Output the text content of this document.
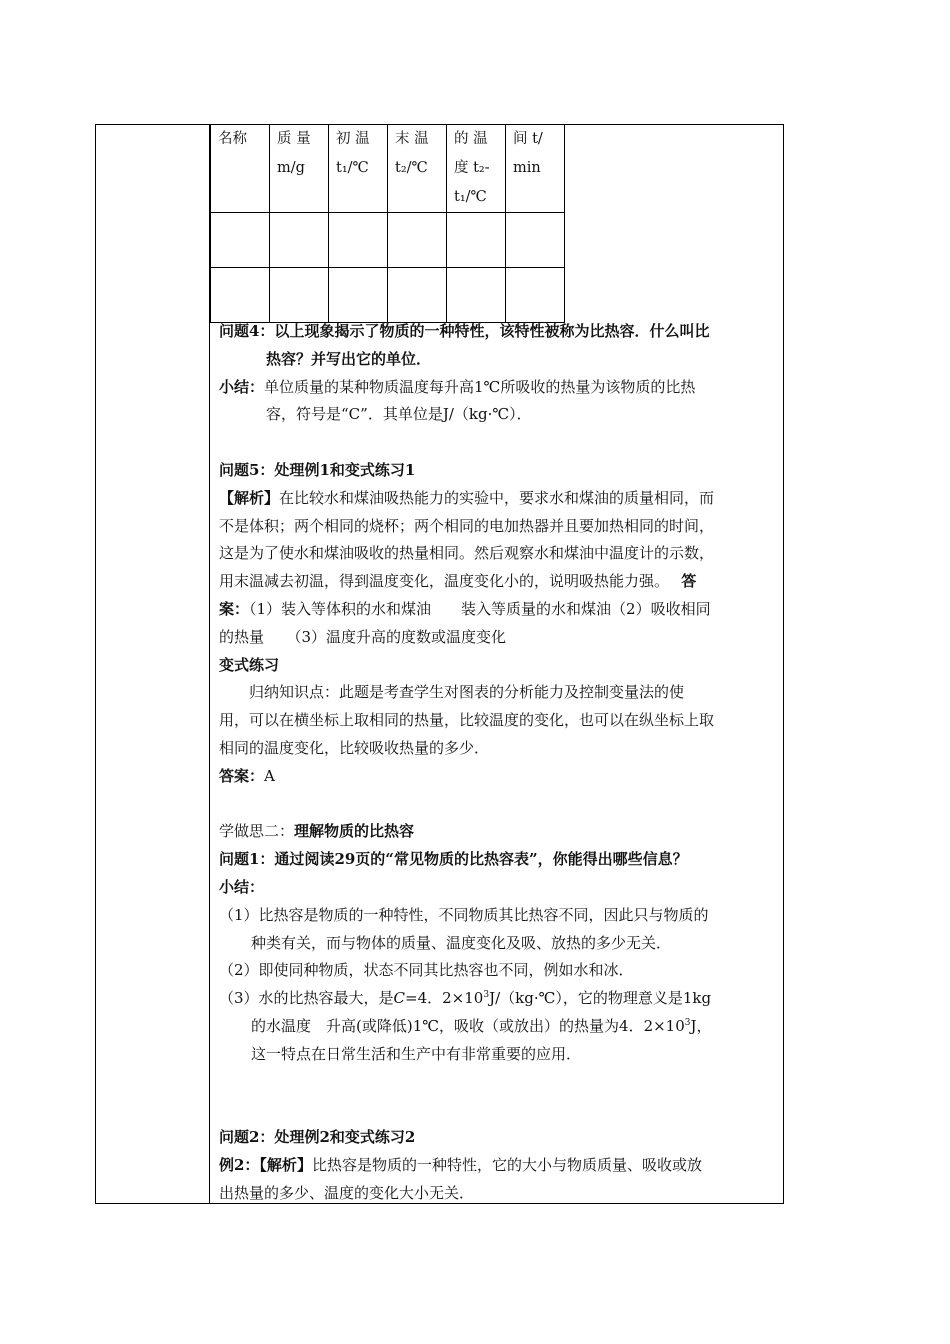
名称	质 量 m/g	初 温 t₁/℃	末 温 t₂/℃	的 温 度 t₂- t₁/℃	间 t/ min

问题4：以上现象揭示了物质的一种特性，该特性被称为比热容．什么叫比

热容？并写出它的单位．

小结：单位质量的某种物质温度每升高1℃所吸收的热量为该物质的比热

容，符号是“C”．其单位是J/（kg·℃）．

问题5：处理例1和变式练习1

【解析】在比较水和煤油吸热能力的实验中，要求水和煤油的质量相同，而

不是体积；两个相同的烧杯；两个相同的电加热器并且要加热相同的时间，

这是为了使水和煤油吸收的热量相同。然后观察水和煤油中温度计的示数，

用末温减去初温，得到温度变化，温度变化小的，说明吸热能力强。　 答

案：（1）装入等体积的水和煤油　　装入等质量的水和煤油（2）吸收相同

的热量　　（3）温度升高的度数或温度变化

变式练习

归纳知识点：此题是考查学生对图表的分析能力及控制变量法的使

用，可以在横坐标上取相同的热量，比较温度的变化，也可以在纵坐标上取

相同的温度变化，比较吸收热量的多少．

答案：A

学做思二：理解物质的比热容

问题1：通过阅读29页的“常见物质的比热容表”，你能得出哪些信息？

小结：

（1）比热容是物质的一种特性，不同物质其比热容不同，因此只与物质的

种类有关，而与物体的质量、温度变化及吸、放热的多少无关．

（2）即使同种物质，状态不同其比热容也不同，例如水和冰．

（3）水的比热容最大，是C=4．$2\times 10^3J/(kg\cdot℃)$，它的物理意义是1kg

的水温度　升高(或降低)1℃，吸收（或放出）的热量为4．$2\times 10^3J$，

这一特点在日常生活和生产中有非常重要的应用．

问题2：处理例2和变式练习2

例2：【解析】比热容是物质的一种特性，它的大小与物质质量、吸收或放

出热量的多少、温度的变化大小无关．
